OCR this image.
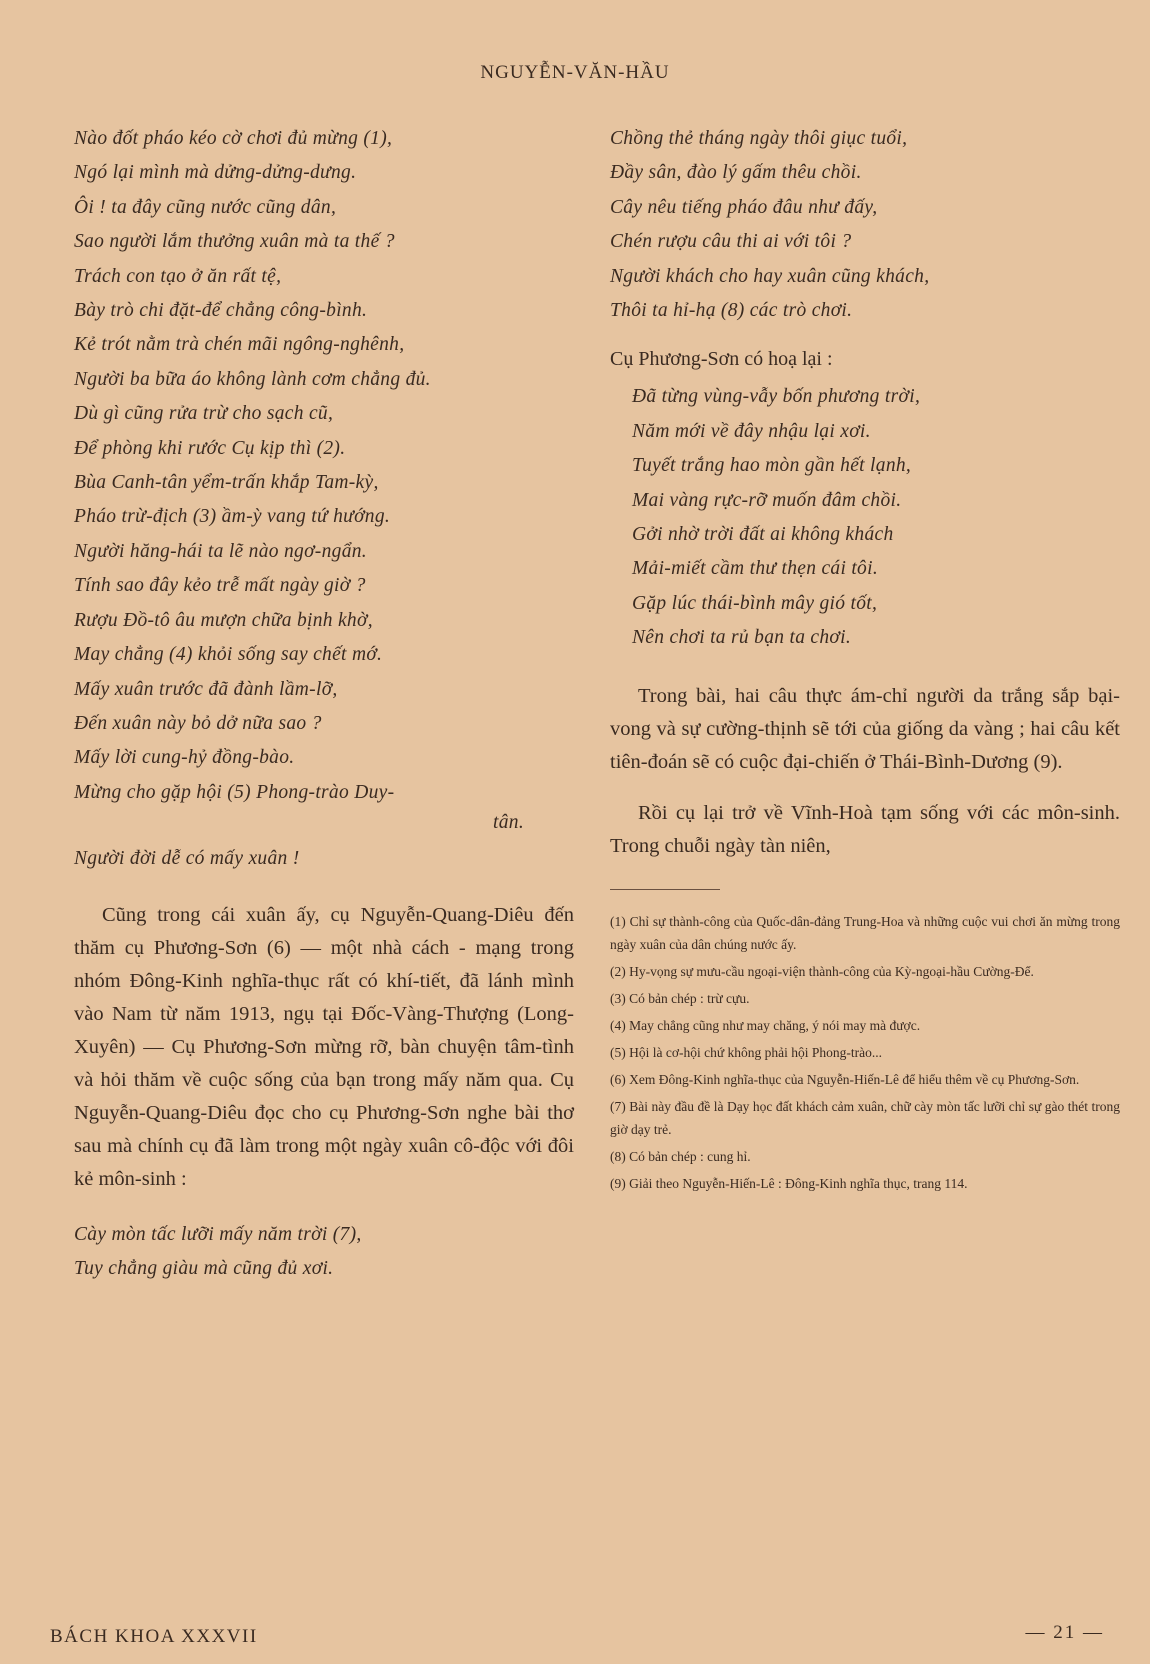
NGUYỄN-VĂN-HẦU
Nào đốt pháo kéo cờ chơi đủ mừng (1),
Ngó lại mình mà dửng-dửng-dưng.
Ôi ! ta đây cũng nước cũng dân,
Sao người lắm thưởng xuân mà ta thế ?
Trách con tạo ở ăn rất tệ,
Bày trò chi đặt-để chẳng công-bình.
Kẻ trót nằm trà chén mãi ngông-nghênh,
Người ba bữa áo không lành cơm chẳng đủ.
Dù gì cũng rửa trừ cho sạch cũ,
Để phòng khi rước Cụ kịp thì (2).
Bùa Canh-tân yểm-trấn khắp Tam-kỳ,
Pháo trừ-địch (3) ầm-ỳ vang tứ hướng.
Người hăng-hái ta lẽ nào ngơ-ngẩn.
Tính sao đây kẻo trễ mất ngày giờ ?
Rượu Đồ-tô âu mượn chữa bịnh khờ,
May chẳng (4) khỏi sống say chết mớ.
Mấy xuân trước đã đành lầm-lỡ,
Đến xuân này bỏ dở nữa sao ?
Mấy lời cung-hỷ đồng-bào.
Mừng cho gặp hội (5) Phong-trào Duy-
tân.
Người đời dễ có mấy xuân !

Cũng trong cái xuân ấy, cụ Nguyễn-Quang-Diêu đến thăm cụ Phương-Sơn (6) — một nhà cách - mạng trong nhóm Đông-Kinh nghĩa-thục rất có khí-tiết, đã lánh mình vào Nam từ năm 1913, ngụ tại Đốc-Vàng-Thượng (Long-Xuyên) — Cụ Phương-Sơn mừng rỡ, bàn chuyện tâm-tình và hỏi thăm về cuộc sống của bạn trong mấy năm qua. Cụ Nguyễn-Quang-Diêu đọc cho cụ Phương-Sơn nghe bài thơ sau mà chính cụ đã làm trong một ngày xuân cô-độc với đôi kẻ môn-sinh :

Cày mòn tấc lưỡi mấy năm trời (7),
Tuy chẳng giàu mà cũng đủ xơi.
Chồng thẻ tháng ngày thôi giục tuổi,
Đầy sân, đào lý gấm thêu chồi.
Cây nêu tiếng pháo đâu như đấy,
Chén rượu câu thi ai với tôi ?
Người khách cho hay xuân cũng khách,
Thôi ta hỉ-hạ (8) các trò chơi.

Cụ Phương-Sơn có hoạ lại :

Đã từng vùng-vẫy bốn phương trời,
Năm mới về đây nhậu lại xơi.
Tuyết trắng hao mòn gần hết lạnh,
Mai vàng rực-rỡ muốn đâm chồi.
Gởi nhờ trời đất ai không khách
Mải-miết cầm thư thẹn cái tôi.
Gặp lúc thái-bình mây gió tốt,
Nên chơi ta rủ bạn ta chơi.

Trong bài, hai câu thực ám-chỉ người da trắng sắp bại-vong và sự cường-thịnh sẽ tới của giống da vàng ; hai câu kết tiên-đoán sẽ có cuộc đại-chiến ở Thái-Bình-Dương (9).

Rồi cụ lại trở về Vĩnh-Hoà tạm sống với các môn-sinh. Trong chuỗi ngày tàn niên,

(1) Chỉ sự thành-công của Quốc-dân-đảng Trung-Hoa và những cuộc vui chơi ăn mừng trong ngày xuân của dân chúng nước ấy.
(2) Hy-vọng sự mưu-cầu ngoại-viện thành-công của Kỳ-ngoại-hầu Cường-Để.
(3) Có bản chép : trừ cựu.
(4) May chẳng cũng như may chăng, ý nói may mà được.
(5) Hội là cơ-hội chứ không phải hội Phong-trào...
(6) Xem Đông-Kinh nghĩa-thục của Nguyễn-Hiến-Lê để hiểu thêm về cụ Phương-Sơn.
(7) Bài này đầu đề là Dạy học đất khách cảm xuân, chữ cày mòn tấc lưỡi chỉ sự gào thét trong giờ dạy trẻ.
(8) Có bản chép : cung hỉ.
(9) Giải theo Nguyễn-Hiến-Lê : Đông-Kinh nghĩa thục, trang 114.
BÁCH KHOA XXXVII	— 21 —
